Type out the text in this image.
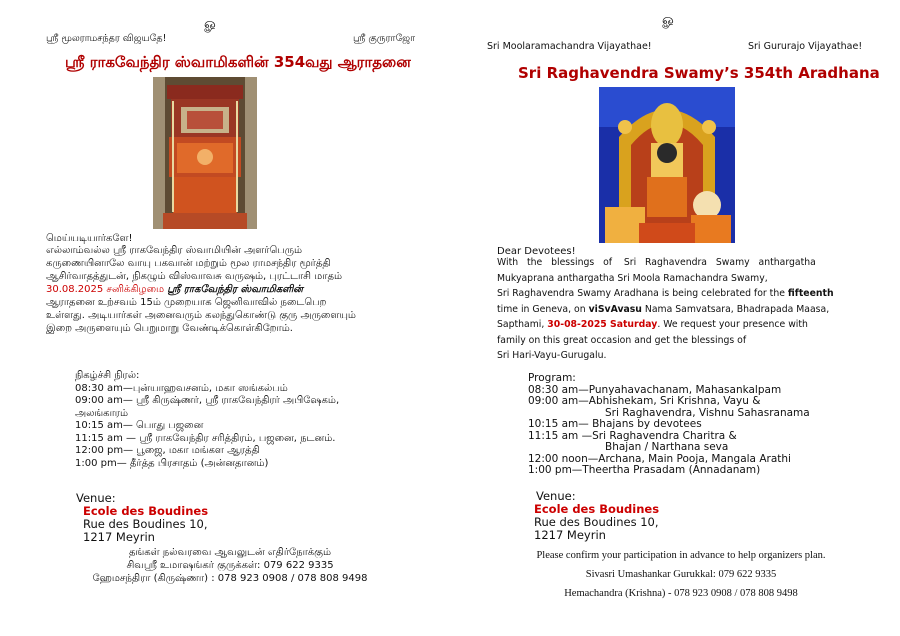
ௐ
ஸ்ரீ மூலராமசந்தர விஜயதே!	ஸ்ரீ குருராஜோ
ஸ்ரீ ராகவேந்திர ஸ்வாமிகளின் 354வது ஆராதனை
மெய்யடியார்களே!
எல்லாம்வல்ல ஸ்ரீ ராகவேந்திர ஸ்வாமியின் அளர்பெரும்
கருணையினாலே வாயு பகவான் மற்றும் மூல ராமசந்திர மூர்த்தி
ஆசிர்வாதத்துடன், நிகழும் விஸ்வாவசு வருஷம், புரட்டாசி மாதம்
30.08.2025 சனிக்கிழமை ஸ்ரீ ராகவேந்திர ஸ்வாமிகளின்
ஆராதனை உற்சவம் 15ம் முறையாக ஜெனிவாவில் நடைபெற
உள்ளது. அடியார்கள் அனைவரும் கலந்துகொண்டு குரு அருளையும்
இறை அருளையும் பெறுமாறு வேண்டிக்கொள்கிறோம்.
நிகழ்ச்சி நிரல்:
08:30 am—புன்யாஹவசனம், மகா ஸங்கல்பம்
09:00 am— ஸ்ரீ கிருஷ்ணர், ஸ்ரீ ராகவேந்திரர் அபிஷேகம்,
அலங்காரம்
10:15 am— பொது பஜனை
11:15 am — ஸ்ரீ ராகவேந்திர சரித்திரம், பஜனை, நடனம்.
12:00 pm— பூஜை, மகா மங்கள ஆரத்தி
1:00 pm— தீர்த்த பிரசாதம் (அன்னதானம்)
Venue:
Ecole des Boudines
Rue des Boudines 10,
1217 Meyrin
தங்கள் நல்வரவை ஆவலுடன் எதிர்நோக்கும்
சிவஸ்ரீ உமாஷங்கர் குருக்கள்: 079 622 9335
ஹேமசந்திரா (கிருஷ்ணா) : 078 923 0908 / 078 808 9498
ௐ
Sri Moolaramachandra Vijayathae!	Sri Gururajo Vijayathae!
Sri Raghavendra Swamy’s 354th Aradhana
Dear Devotees!
With   the   blessings   of    Sri   Raghavendra   Swamy   anthargatha
Mukyaprana anthargatha Sri Moola Ramachandra Swamy,
Sri Raghavendra Swamy Aradhana is being celebrated for the fifteenth
time in Geneva, on viSvAvasu Nama Samvatsara, Bhadrapada Maasa,
Sapthami, 30-08-2025 Saturday. We request your presence with
family on this great occasion and get the blessings of
Sri Hari-Vayu-Gurugalu.
Program:
08:30 am—Punyahavachanam, Mahasankalpam
09:00 am—Abhishekam, Sri Krishna, Vayu &
Sri Raghavendra, Vishnu Sahasranama
10:15 am— Bhajans by devotees
11:15 am —Sri Raghavendra Charitra &
Bhajan / Narthana seva
12:00 noon—Archana, Main Pooja, Mangala Arathi
1:00 pm—Theertha Prasadam (Annadanam)
Venue:
Ecole des Boudines
Rue des Boudines 10,
1217 Meyrin
Please confirm your participation in advance to help organizers plan.
Sivasri Umashankar Gurukkal: 079 622 9335
Hemachandra (Krishna) - 078 923 0908 / 078 808 9498
